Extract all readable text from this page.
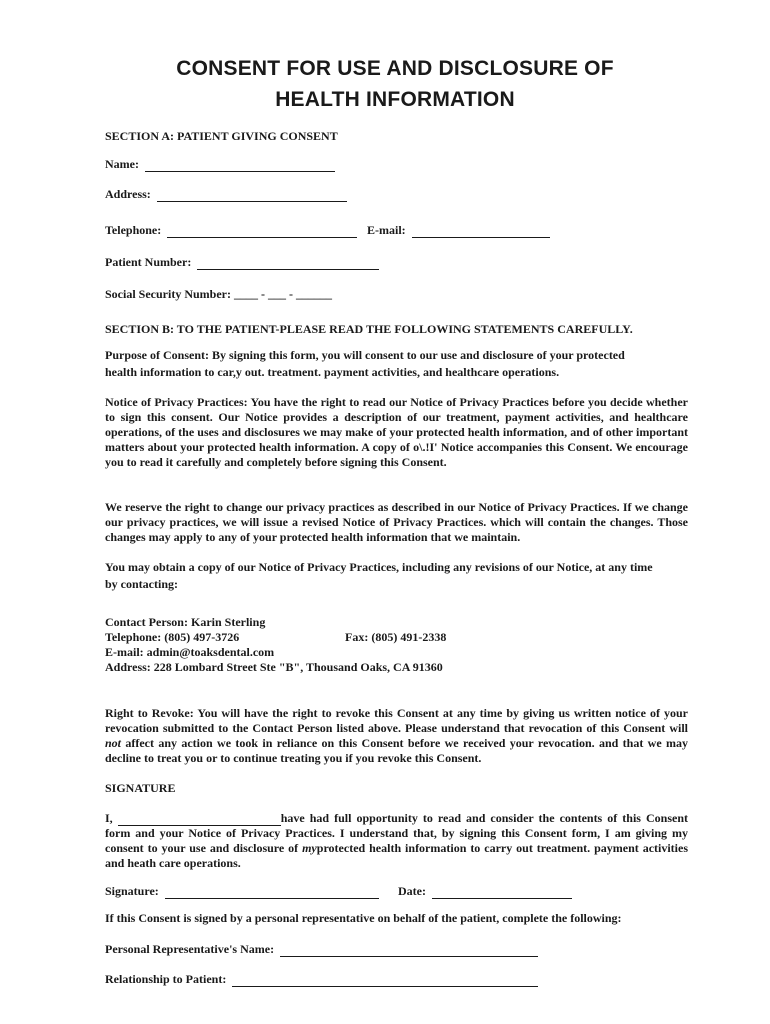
CONSENT FOR USE AND DISCLOSURE OF
HEALTH INFORMATION
SECTION A: PATIENT GIVING CONSENT
Name:
Address:
Telephone:	E-mail:
Patient Number:
Social Security Number: ____ - ___ - ______
SECTION B: TO THE PATIENT-PLEASE READ THE FOLLOWING STATEMENTS CAREFULLY.
Purpose of Consent: By signing this form, you will consent to our use and disclosure of your protected
health information to car,y out. treatment. payment activities, and healthcare operations.
Notice of Privacy Practices: You have the right to read our Notice of Privacy Practices before you decide whether to sign this consent. Our Notice provides a description of our treatment, payment activities, and healthcare operations, of the uses and disclosures we may make of your protected health information, and of other important matters about your protected health information. A copy of o\.!I' Notice accompanies this Consent. We encourage you to read it carefully and completely before signing this Consent.
We reserve the right to change our privacy practices as described in our Notice of Privacy Practices. If we change our privacy practices, we will issue a revised Notice of Privacy Practices. which will contain the changes. Those changes may apply to any of your protected health information that we maintain.
You may obtain a copy of our Notice of Privacy Practices, including any revisions of our Notice, at any time
by contacting:
Contact Person: Karin Sterling
Telephone: (805) 497-3726	Fax: (805) 491-2338
E-mail: admin@toaksdental.com
Address: 228 Lombard Street Ste "B", Thousand Oaks, CA 91360
Right to Revoke: You will have the right to revoke this Consent at any time by giving us written notice of your revocation submitted to the Contact Person listed above. Please understand that revocation of this Consent will not affect any action we took in reliance on this Consent before we received your revocation. and that we may decline to treat you or to continue treating you if you revoke this Consent.
SIGNATURE
I,	have had full opportunity to read and consider the contents of this Consent form and your Notice of Privacy Practices. I understand that, by signing this Consent form, I am giving my consent to your use and disclosure of myprotected health information to carry out treatment. payment activities and heath care operations.
Signature:	Date:
If this Consent is signed by a personal representative on behalf of the patient, complete the following:
Personal Representative's Name:
Relationship to Patient:
